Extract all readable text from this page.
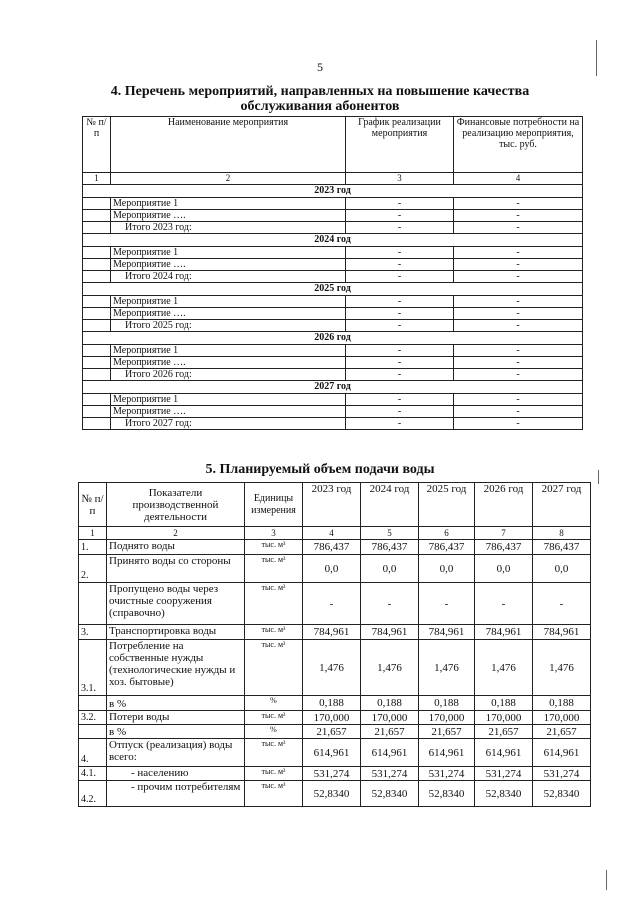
5
4. Перечень мероприятий, направленных на повышение качества
обслуживания абонентов
№ п/п	Наименование мероприятия	График реализации мероприятия	Финансовые потребности на реализацию мероприятия, тыс. руб.
1	2	3	4
2023 год			
	Мероприятие 1	-	-
	Мероприятие ….	-	-
	Итого 2023 год:	-	-
2024 год			
	Мероприятие 1	-	-
	Мероприятие ….	-	-
	Итого 2024 год:	-	-
2025 год			
	Мероприятие 1	-	-
	Мероприятие ….	-	-
	Итого 2025 год:	-	-
2026 год			
	Мероприятие 1	-	-
	Мероприятие ….	-	-
	Итого 2026 год:	-	-
2027 год			
	Мероприятие 1	-	-
	Мероприятие ….	-	-
	Итого 2027 год:	-	-
5. Планируемый объем подачи воды
№ п/п	Показатели производственной деятельности	Единицы измерения	2023 год	2024 год	2025 год	2026 год	2027 год
1	2	3	4	5	6	7	8
1.	Поднято воды	тыс. м³	786,437	786,437	786,437	786,437	786,437
2.	Принято воды со стороны	тыс. м³	0,0	0,0	0,0	0,0	0,0
	Пропущено воды через очистные сооружения (справочно)	тыс. м³	-	-	-	-	-
3.	Транспортировка воды	тыс. м³	784,961	784,961	784,961	784,961	784,961
3.1.	Потребление на собственные нужды (технологические нужды и хоз. бытовые)	тыс. м³	1,476	1,476	1,476	1,476	1,476
	в %	%	0,188	0,188	0,188	0,188	0,188
3.2.	Потери воды	тыс. м³	170,000	170,000	170,000	170,000	170,000
	в %	%	21,657	21,657	21,657	21,657	21,657
4.	Отпуск (реализация) воды всего:	тыс. м³	614,961	614,961	614,961	614,961	614,961
4.1.	- населению	тыс. м³	531,274	531,274	531,274	531,274	531,274
4.2.	- прочим потребителям	тыс. м³	52,8340	52,8340	52,8340	52,8340	52,8340
